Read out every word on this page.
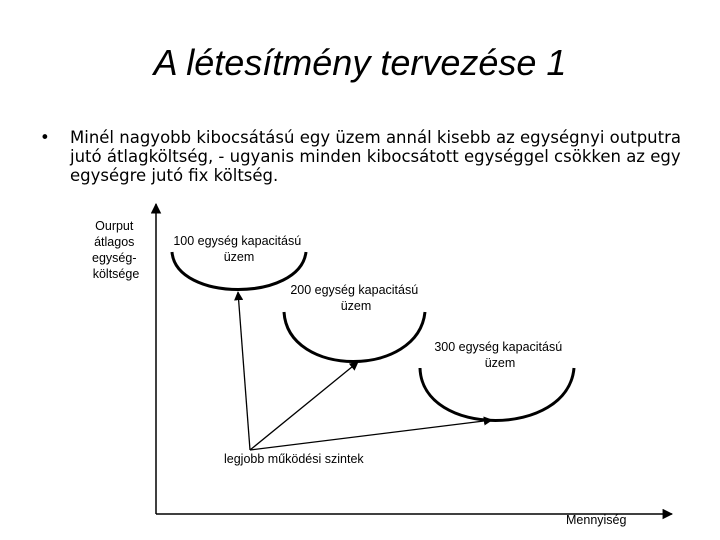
A létesítmény tervezése 1
• Minél nagyobb kibocsátású egy üzem annál kisebb az egységnyi outputra jutó átlagköltség, - ugyanis minden kibocsátott egységgel csökken az egy egységre jutó fix költség.
Ourput átlagos egység- költsége
Mennyiség
100 egység kapacitású üzem
200 egység kapacitású üzem
300 egység kapacitású üzem
legjobb működési szintek
